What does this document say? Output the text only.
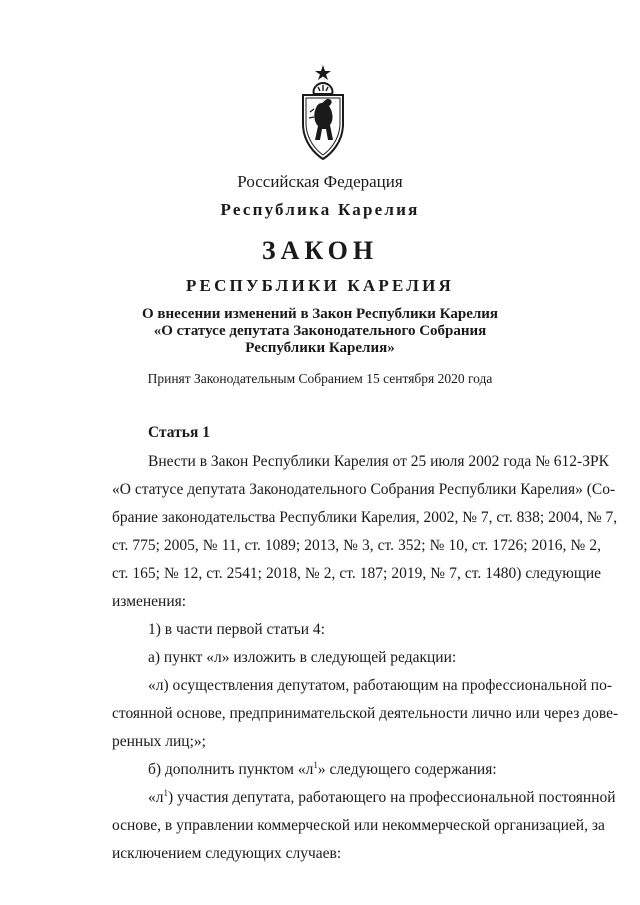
Российская Федерация
Республика Карелия
ЗАКОН
РЕСПУБЛИКИ КАРЕЛИЯ
О внесении изменений в Закон Республики Карелия
«О статусе депутата Законодательного Собрания
Республики Карелия»
Принят Законодательным Собранием 15 сентября 2020 года
Статья 1
Внести в Закон Республики Карелия от 25 июля 2002 года № 612-ЗРК
«О статусе депутата Законодательного Собрания Республики Карелия» (Со-
брание законодательства Республики Карелия, 2002, № 7, ст. 838; 2004, № 7,
ст. 775; 2005, № 11, ст. 1089; 2013, № 3, ст. 352; № 10, ст. 1726; 2016, № 2,
ст. 165; № 12, ст. 2541; 2018, № 2, ст. 187; 2019, № 7, ст. 1480) следующие
изменения:
1) в части первой статьи 4:
а) пункт «л» изложить в следующей редакции:
«л) осуществления депутатом, работающим на профессиональной по-
стоянной основе, предпринимательской деятельности лично или через дове-
ренных лиц;»;
б) дополнить пунктом «$л^1$» следующего содержания:
«$л^1$) участия депутата, работающего на профессиональной постоянной
основе, в управлении коммерческой или некоммерческой организацией, за
исключением следующих случаев:
